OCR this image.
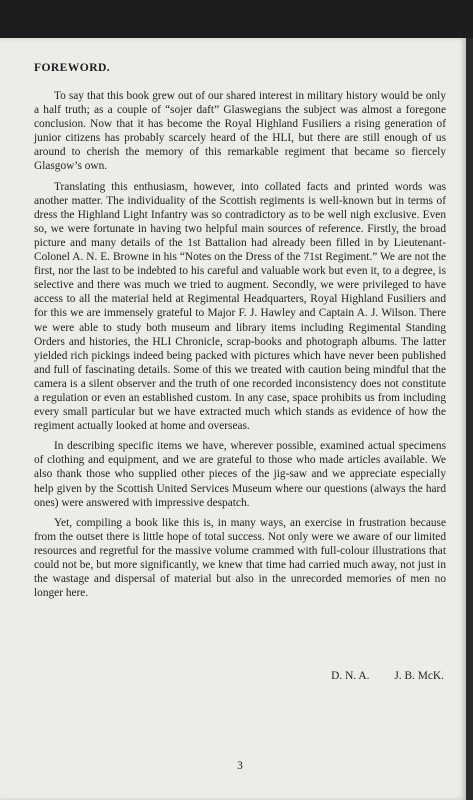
FOREWORD.

To say that this book grew out of our shared interest in military history would be only a half truth; as a couple of “sojer daft” Glaswegians the subject was almost a foregone conclusion. Now that it has become the Royal Highland Fusiliers a rising generation of junior citizens has probably scarcely heard of the HLI, but there are still enough of us around to cherish the memory of this remarkable regiment that became so fiercely Glasgow’s own.

Translating this enthusiasm, however, into collated facts and printed words was another matter. The individuality of the Scottish regiments is well-known but in terms of dress the Highland Light Infantry was so contradictory as to be well nigh exclusive. Even so, we were fortunate in having two helpful main sources of reference. Firstly, the broad picture and many details of the 1st Battalion had already been filled in by Lieutenant-Colonel A. N. E. Browne in his “Notes on the Dress of the 71st Regiment.” We are not the first, nor the last to be indebted to his careful and valuable work but even it, to a degree, is selective and there was much we tried to augment. Secondly, we were privileged to have access to all the material held at Regimental Headquarters, Royal Highland Fusiliers and for this we are immensely grateful to Major F. J. Hawley and Captain A. J. Wilson. There we were able to study both museum and library items including Regimental Standing Orders and histories, the HLI Chronicle, scrap-books and photograph albums. The latter yielded rich pickings indeed being packed with pictures which have never been published and full of fascinating details. Some of this we treated with caution being mindful that the camera is a silent observer and the truth of one recorded inconsistency does not constitute a regulation or even an established custom. In any case, space prohibits us from including every small particular but we have extracted much which stands as evidence of how the regiment actually looked at home and overseas.

In describing specific items we have, wherever possible, examined actual specimens of clothing and equipment, and we are grateful to those who made articles available. We also thank those who supplied other pieces of the jig-saw and we appreciate especially help given by the Scottish United Services Museum where our questions (always the hard ones) were answered with impressive despatch.

Yet, compiling a book like this is, in many ways, an exercise in frustration because from the outset there is little hope of total success. Not only were we aware of our limited resources and regretful for the massive volume crammed with full-colour illustrations that could not be, but more significantly, we knew that time had carried much away, not just in the wastage and dispersal of material but also in the unrecorded memories of men no longer here.

D. N. A. J. B. McK.
3
